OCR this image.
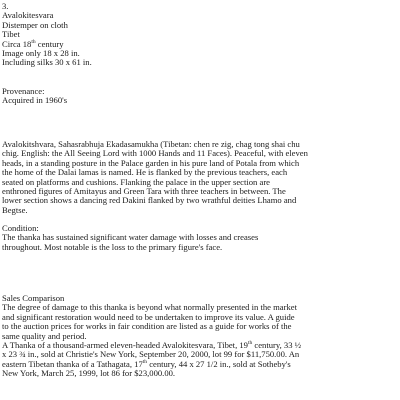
3.
Avalokitesvara
Distemper on cloth
Tibet
Circa 18th century
Image only 18 x 28 in.
Including silks 30 x 61 in.
Provenance:
Acquired in 1960's
Avalokitshvara, Sahasrabhuja Ekadasamukha (Tibetan: chen re zig, chag tong shai chu
chig. English: the All Seeing Lord with 1000 Hands and 11 Faces). Peaceful, with eleven
heads, in a standing posture in the Palace garden in his pure land of Potala from which
the home of the Dalai lamas is named. He is flanked by the previous teachers, each
seated on platforms and cushions. Flanking the palace in the upper section are
enthroned figures of Amitayus and Green Tara with three teachers in between. The
lower section shows a dancing red Dakini flanked by two wrathful deities Lhamo and
Begtse.
Condition:
The thanka has sustained significant water damage with losses and creases
throughout. Most notable is the loss to the primary figure's face.
Sales Comparison
The degree of damage to this thanka is beyond what normally presented in the market
and significant restoration would need to be undertaken to improve its value. A guide
to the auction prices for works in fair condition are listed as a guide for works of the
same quality and period.
A Thanka of a thousand-armed eleven-headed Avalokitesvara, Tibet, 19th century, 33 ½
x 23 ¾ in., sold at Christie's New York, September 20, 2000, lot 99 for $11,750.00. An
eastern Tibetan thanka of a Tathagata, 17th century, 44 x 27 1/2 in., sold at Sotheby's
New York, March 25, 1999, lot 86 for $23,000.00.
